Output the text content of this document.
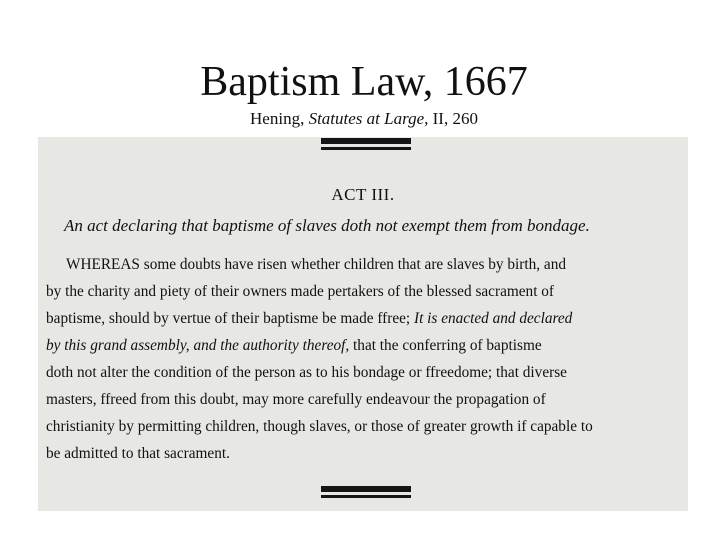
Baptism Law, 1667
Hening, Statutes at Large, II, 260
ACT III.
An act declaring that baptisme of slaves doth not exempt them from bondage.
WHEREAS some doubts have risen whether children that are slaves by birth, and
by the charity and piety of their owners made pertakers of the blessed sacrament of
baptisme, should by vertue of their baptisme be made ffree; It is enacted and declared
by this grand assembly, and the authority thereof, that the conferring of baptisme
doth not alter the condition of the person as to his bondage or ffreedome; that diverse
masters, ffreed from this doubt, may more carefully endeavour the propagation of
christianity by permitting children, though slaves, or those of greater growth if capable to
be admitted to that sacrament.
